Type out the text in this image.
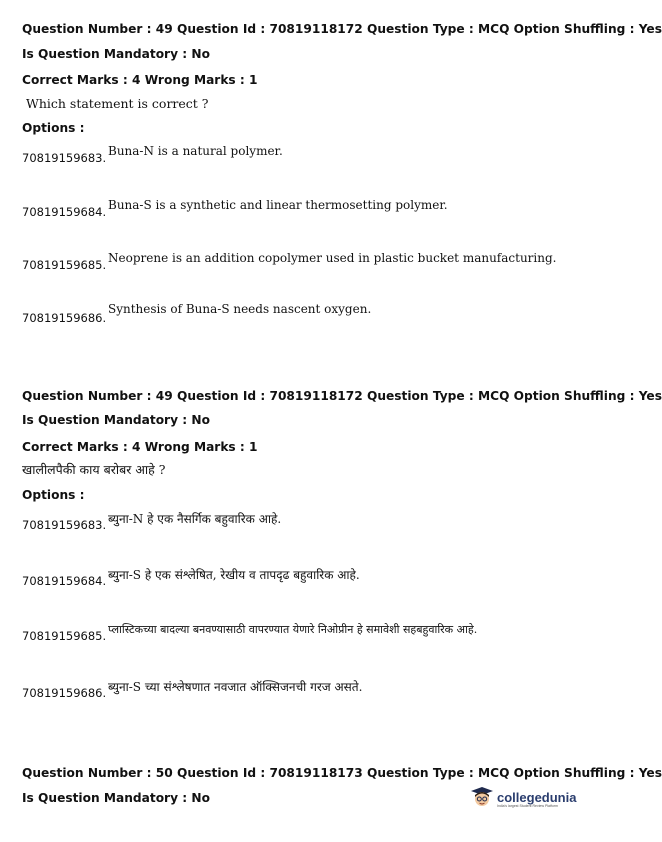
Question Number : 49 Question Id : 70819118172 Question Type : MCQ Option Shuffling : Yes
Is Question Mandatory : No
Correct Marks : 4 Wrong Marks : 1
Which statement is correct ?
Options :
70819159683. Buna-N is a natural polymer.
70819159684. Buna-S is a synthetic and linear thermosetting polymer.
70819159685. Neoprene is an addition copolymer used in plastic bucket manufacturing.
70819159686.
Synthesis of Buna-S needs nascent oxygen.
Question Number : 49 Question Id : 70819118172 Question Type : MCQ Option Shuffling : Yes
Is Question Mandatory : No
Correct Marks : 4 Wrong Marks : 1
खालीलपैकी काय बरोबर आहे ?
Options :
70819159683. ब्युना-N हे एक नैसर्गिक बहुवारिक आहे.
70819159684. ब्युना-S हे एक संश्लेषित, रेखीय व तापदृढ बहुवारिक आहे.
70819159685. प्लास्टिकच्या बादल्या बनवण्यासाठी वापरण्यात येणारे निओप्रीन हे समावेशी सहबहुवारिक आहे.
70819159686. ब्युना-S च्या संश्लेषणात नवजात ऑक्सिजनची गरज असते.
Question Number : 50 Question Id : 70819118173 Question Type : MCQ Option Shuffling : Yes
Is Question Mandatory : No	collegedunia
India's largest Student Review Platform
